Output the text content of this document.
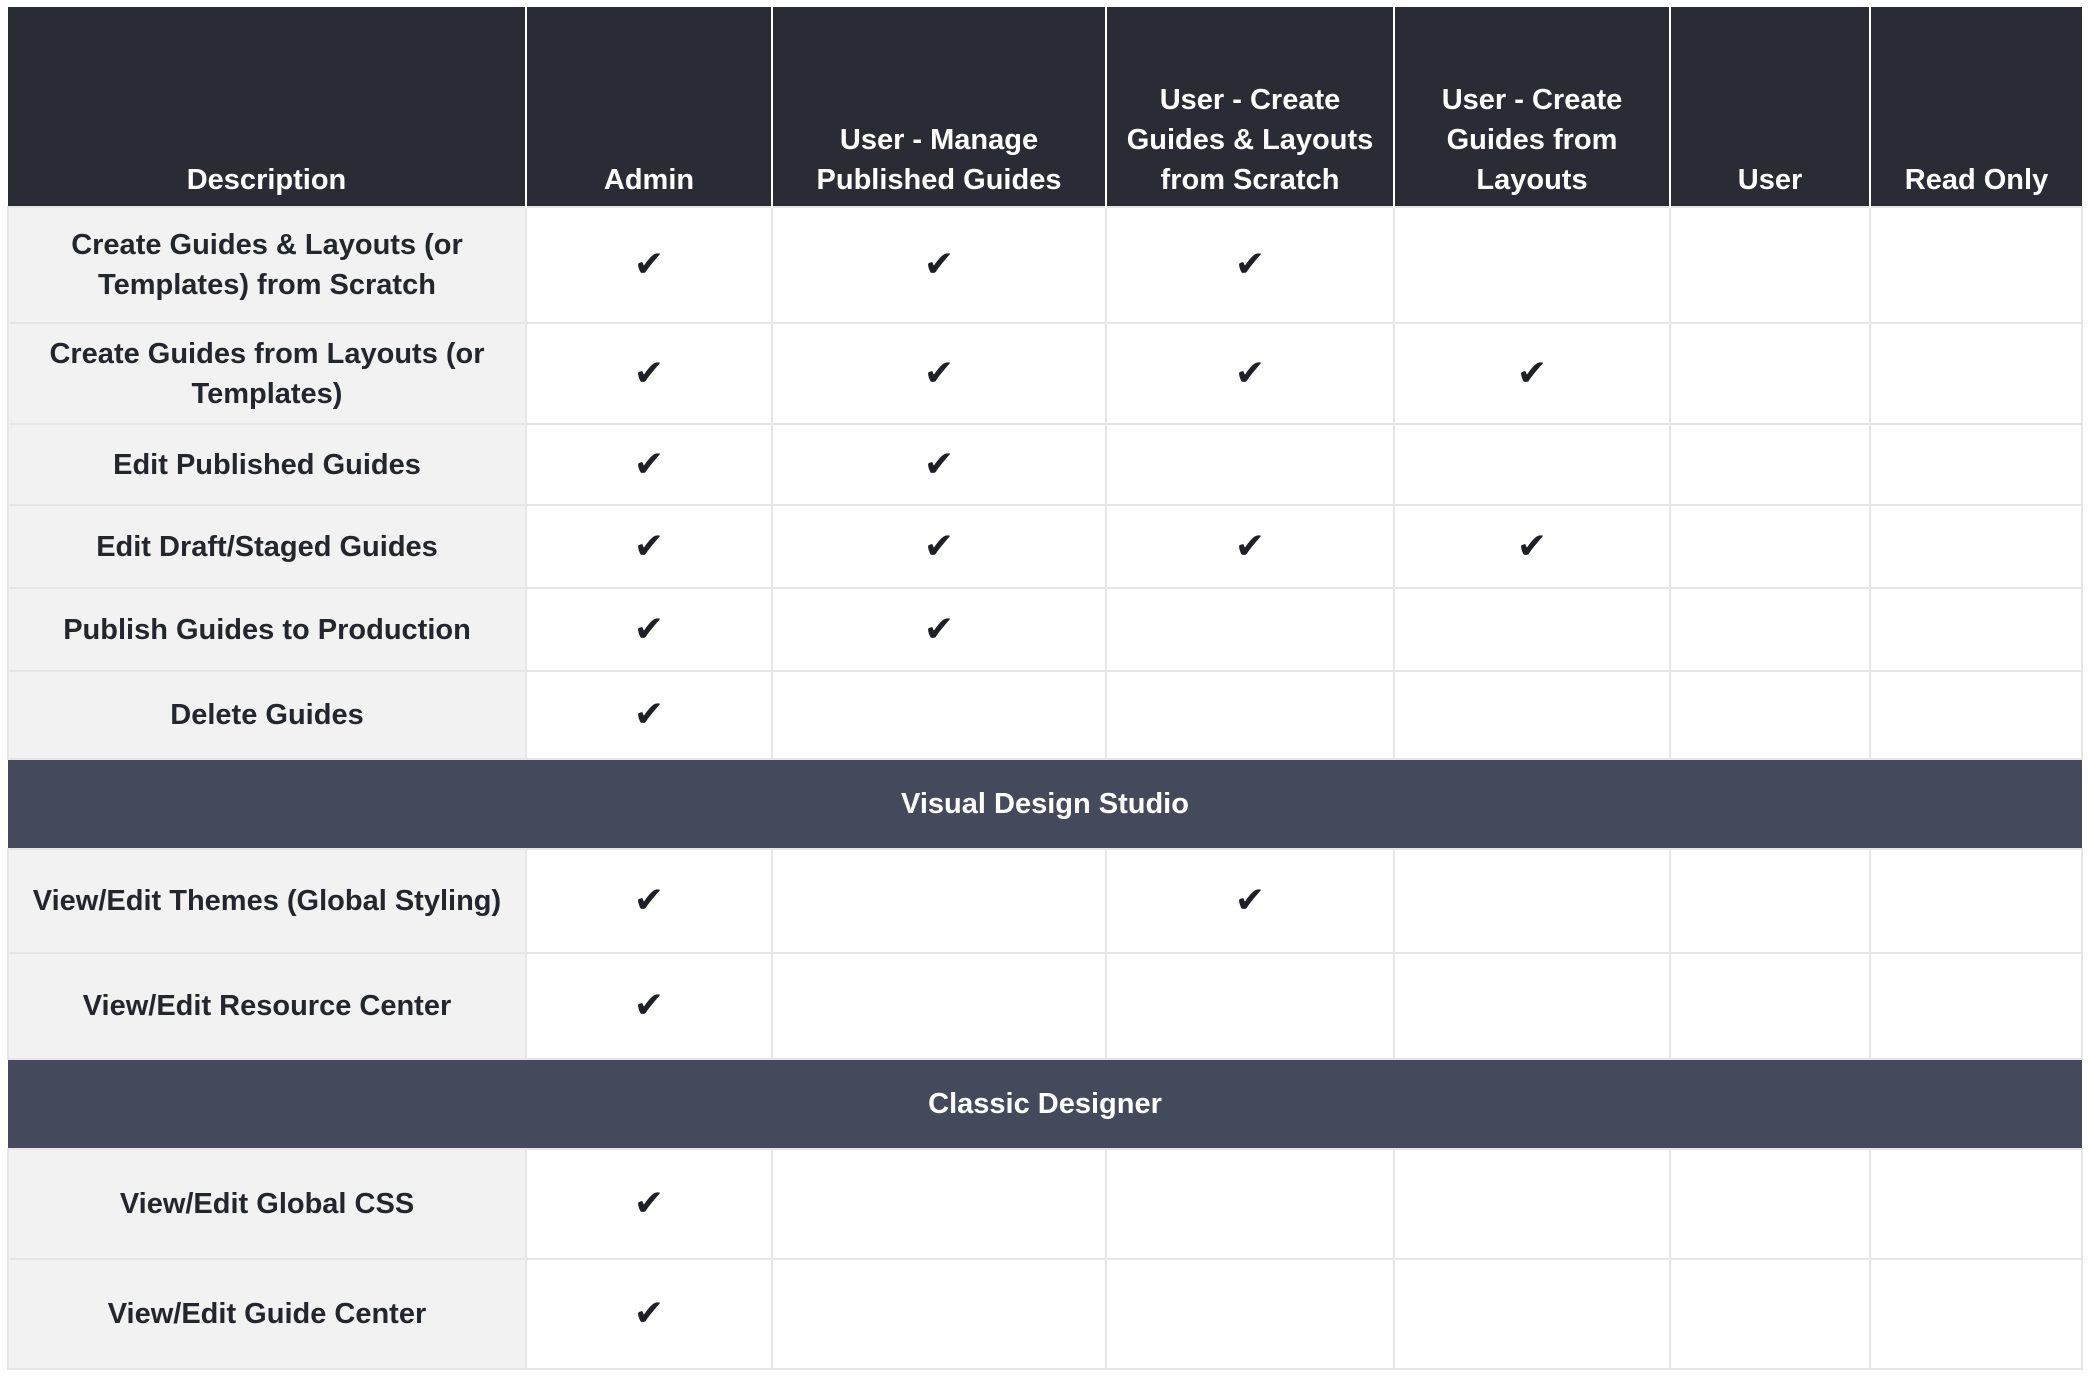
Description	Admin	User - Manage Published Guides	User - Create Guides & Layouts from Scratch	User - Create Guides from Layouts	User	Read Only
Create Guides & Layouts (or Templates) from Scratch	✔	✔	✔			
Create Guides from Layouts (or Templates)	✔	✔	✔	✔		
Edit Published Guides	✔	✔				
Edit Draft/Staged Guides	✔	✔	✔	✔		
Publish Guides to Production	✔	✔				
Delete Guides	✔					
Visual Design Studio						
View/Edit Themes (Global Styling)	✔		✔			
View/Edit Resource Center	✔					
Classic Designer						
View/Edit Global CSS	✔					
View/Edit Guide Center	✔					
